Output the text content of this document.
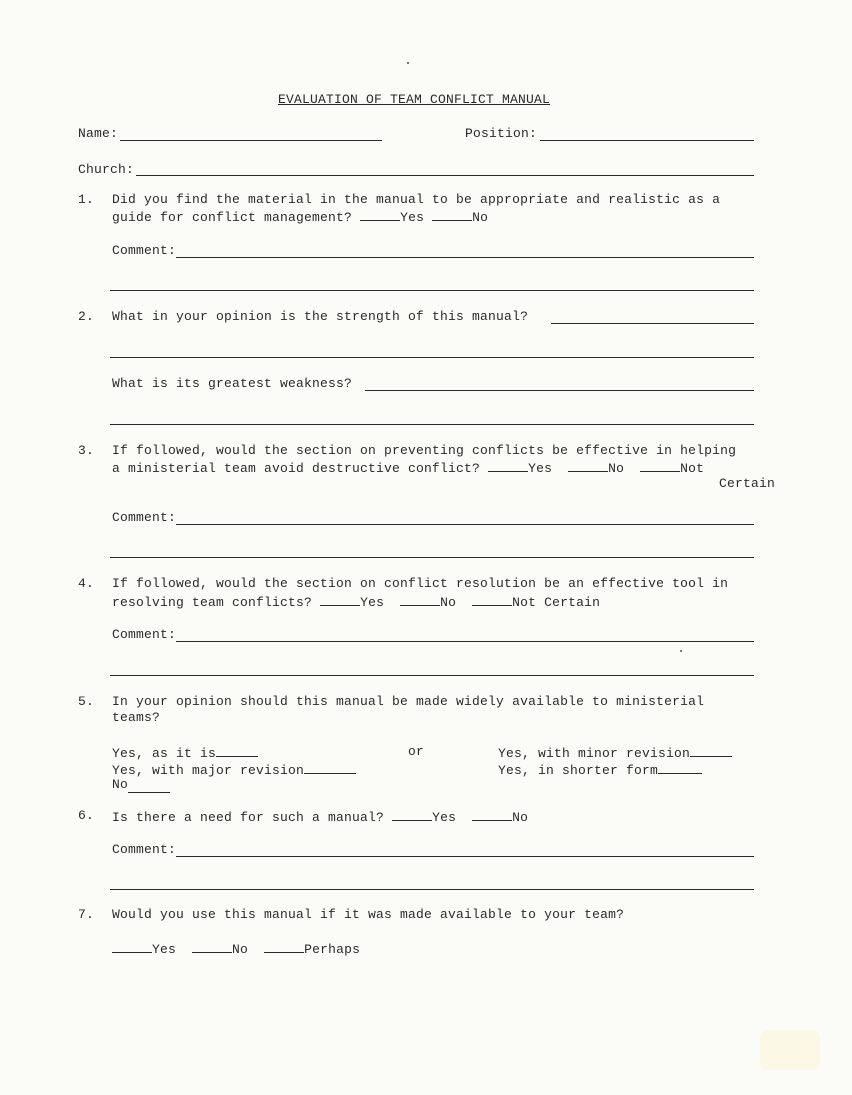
EVALUATION OF TEAM CONFLICT MANUAL
Name:	Position:
Church:
1. Did you find the material in the manual to be appropriate and realistic as a
guide for conflict management?	Yes	No
Comment:
2. What in your opinion is the strength of this manual?
What is its greatest weakness?
3. If followed, would the section on preventing conflicts be effective in helping
a ministerial team avoid destructive conflict?	Yes	No	Not
Certain
Comment:
4. If followed, would the section on conflict resolution be an effective tool in
resolving team conflicts?	Yes	No	Not Certain
Comment:
5. In your opinion should this manual be made widely available to ministerial
teams?
Yes, as it is	or	Yes, with minor revision
Yes, with major revision	Yes, in shorter form
No
6. Is there a need for such a manual?	Yes	No
Comment:
7. Would you use this manual if it was made available to your team?
Yes	No	Perhaps
